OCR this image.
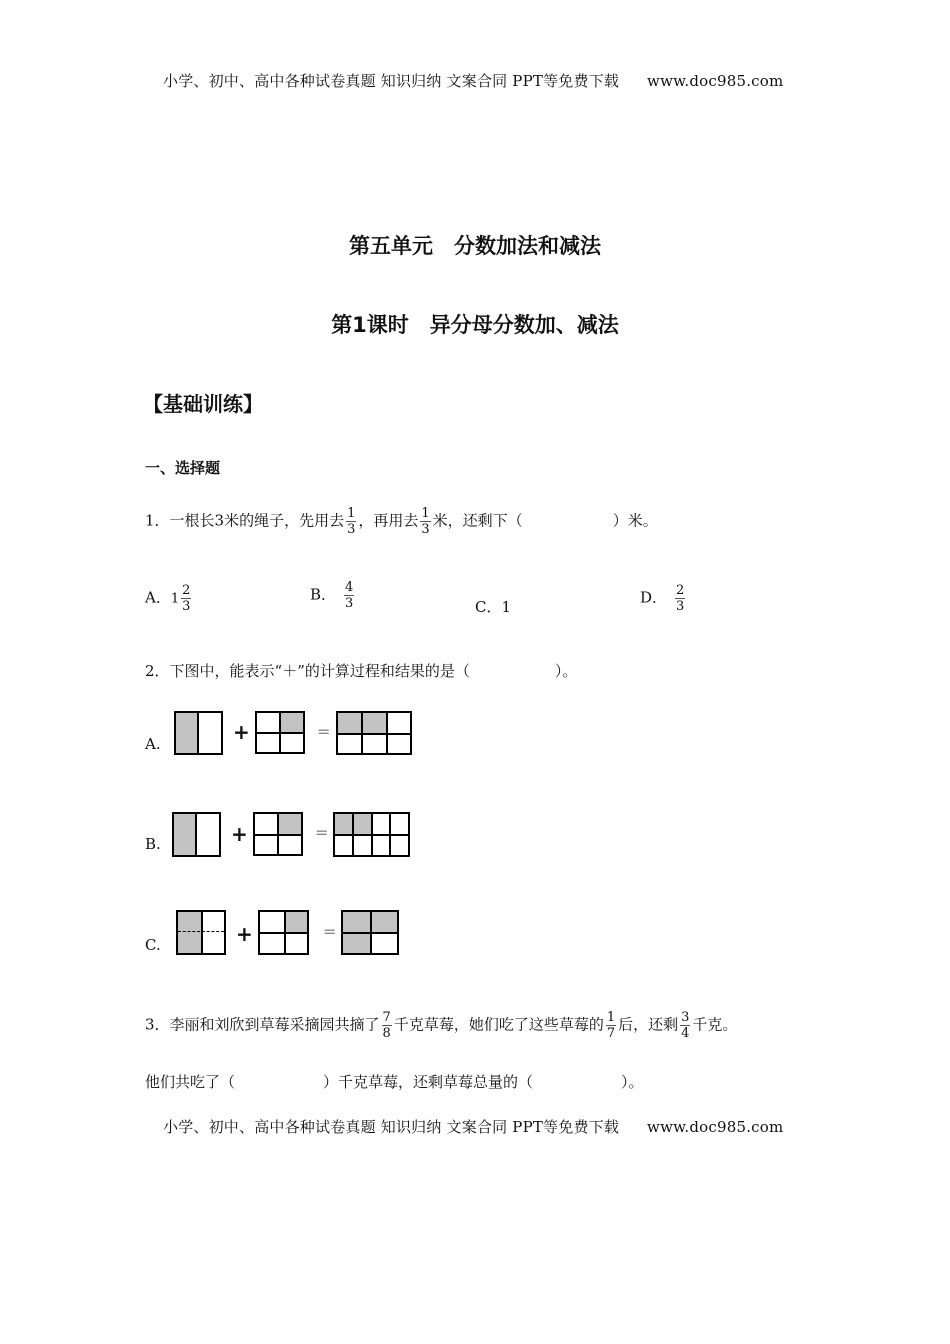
小学、初中、高中各种试卷真题 知识归纳 文案合同 PPT等免费下载 www.doc985.com
第五单元　分数加法和减法
第1课时　异分母分数加、减法
【基础训练】
一、选择题
1．一根长3米的绳子，先用去 $\frac{1}{3}$ ，再用去 $\frac{1}{3}$ 米，还剩下（	）米。
A．$1 \frac{2}{3}$	B． $\frac{4}{3}$	C．1
D． $\frac{2}{3}$
2．下图中，能表示“＋”的计算过程和结果的是（	）。
A.	+	=
B.	+	=
C.	+	=
3．李丽和刘欣到草莓采摘园共摘了 $\frac{7}{8}$ 千克草莓，她们吃了这些草莓的 $\frac{1}{7}$ 后，还剩 $\frac{3}{4}$ 千克。
他们共吃了（	）千克草莓，还剩草莓总量的（	）。
小学、初中、高中各种试卷真题 知识归纳 文案合同 PPT等免费下载 www.doc985.com
